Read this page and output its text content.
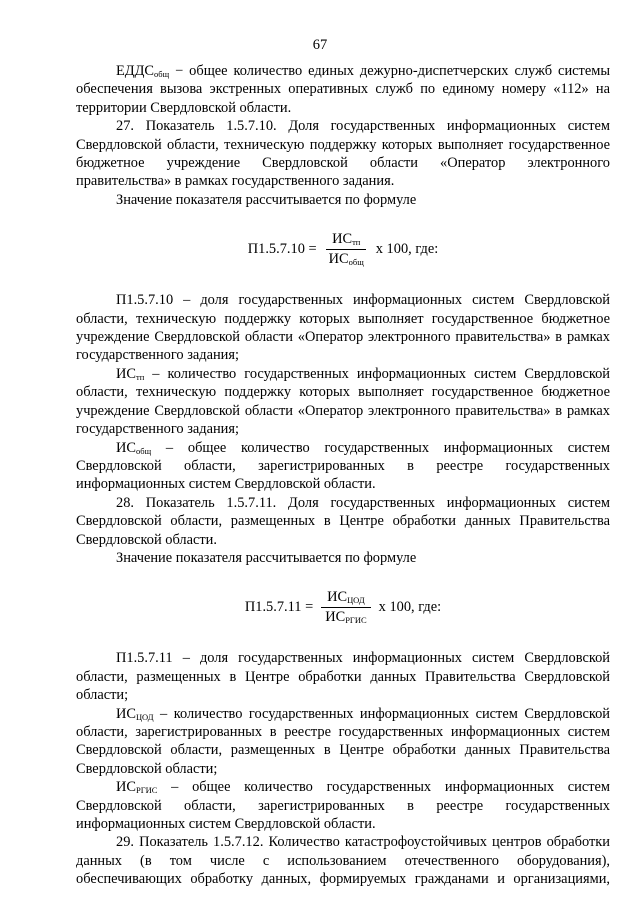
67

$ЕДДС_{общ}$ − общее количество единых дежурно-диспетчерских служб системы обеспечения вызова экстренных оперативных служб по единому номеру «112» на территории Свердловской области.

27. Показатель 1.5.7.10. Доля государственных информационных систем Свердловской области, техническую поддержку которых выполняет государственное бюджетное учреждение Свердловской области «Оператор электронного правительства» в рамках государственного задания.

Значение показателя рассчитывается по формуле

$П1.5.7.10 = \frac{ИС_{тп}}{ИС_{общ}}$ х 100, где:

П1.5.7.10 – доля государственных информационных систем Свердловской области, техническую поддержку которых выполняет государственное бюджетное учреждение Свердловской области «Оператор электронного правительства» в рамках государственного задания;

$ИС_{тп}$ – количество государственных информационных систем Свердловской области, техническую поддержку которых выполняет государственное бюджетное учреждение Свердловской области «Оператор электронного правительства» в рамках государственного задания;

$ИС_{общ}$ – общее количество государственных информационных систем Свердловской области, зарегистрированных в реестре государственных информационных систем Свердловской области.

28. Показатель 1.5.7.11. Доля государственных информационных систем Свердловской области, размещенных в Центре обработки данных Правительства Свердловской области.

Значение показателя рассчитывается по формуле

$П1.5.7.11 = \frac{ИС_{ЦОД}}{ИС_{РГИС}}$ х 100, где:

П1.5.7.11 – доля государственных информационных систем Свердловской области, размещенных в Центре обработки данных Правительства Свердловской области;

$ИС_{ЦОД}$ – количество государственных информационных систем Свердловской области, зарегистрированных в реестре государственных информационных систем Свердловской области, размещенных в Центре обработки данных Правительства Свердловской области;

$ИС_{РГИС}$ – общее количество государственных информационных систем Свердловской области, зарегистрированных в реестре государственных информационных систем Свердловской области.

29. Показатель 1.5.7.12. Количество катастрофоустойчивых центров обработки данных (в том числе с использованием отечественного оборудования), обеспечивающих обработку данных, формируемых гражданами и организациями,
